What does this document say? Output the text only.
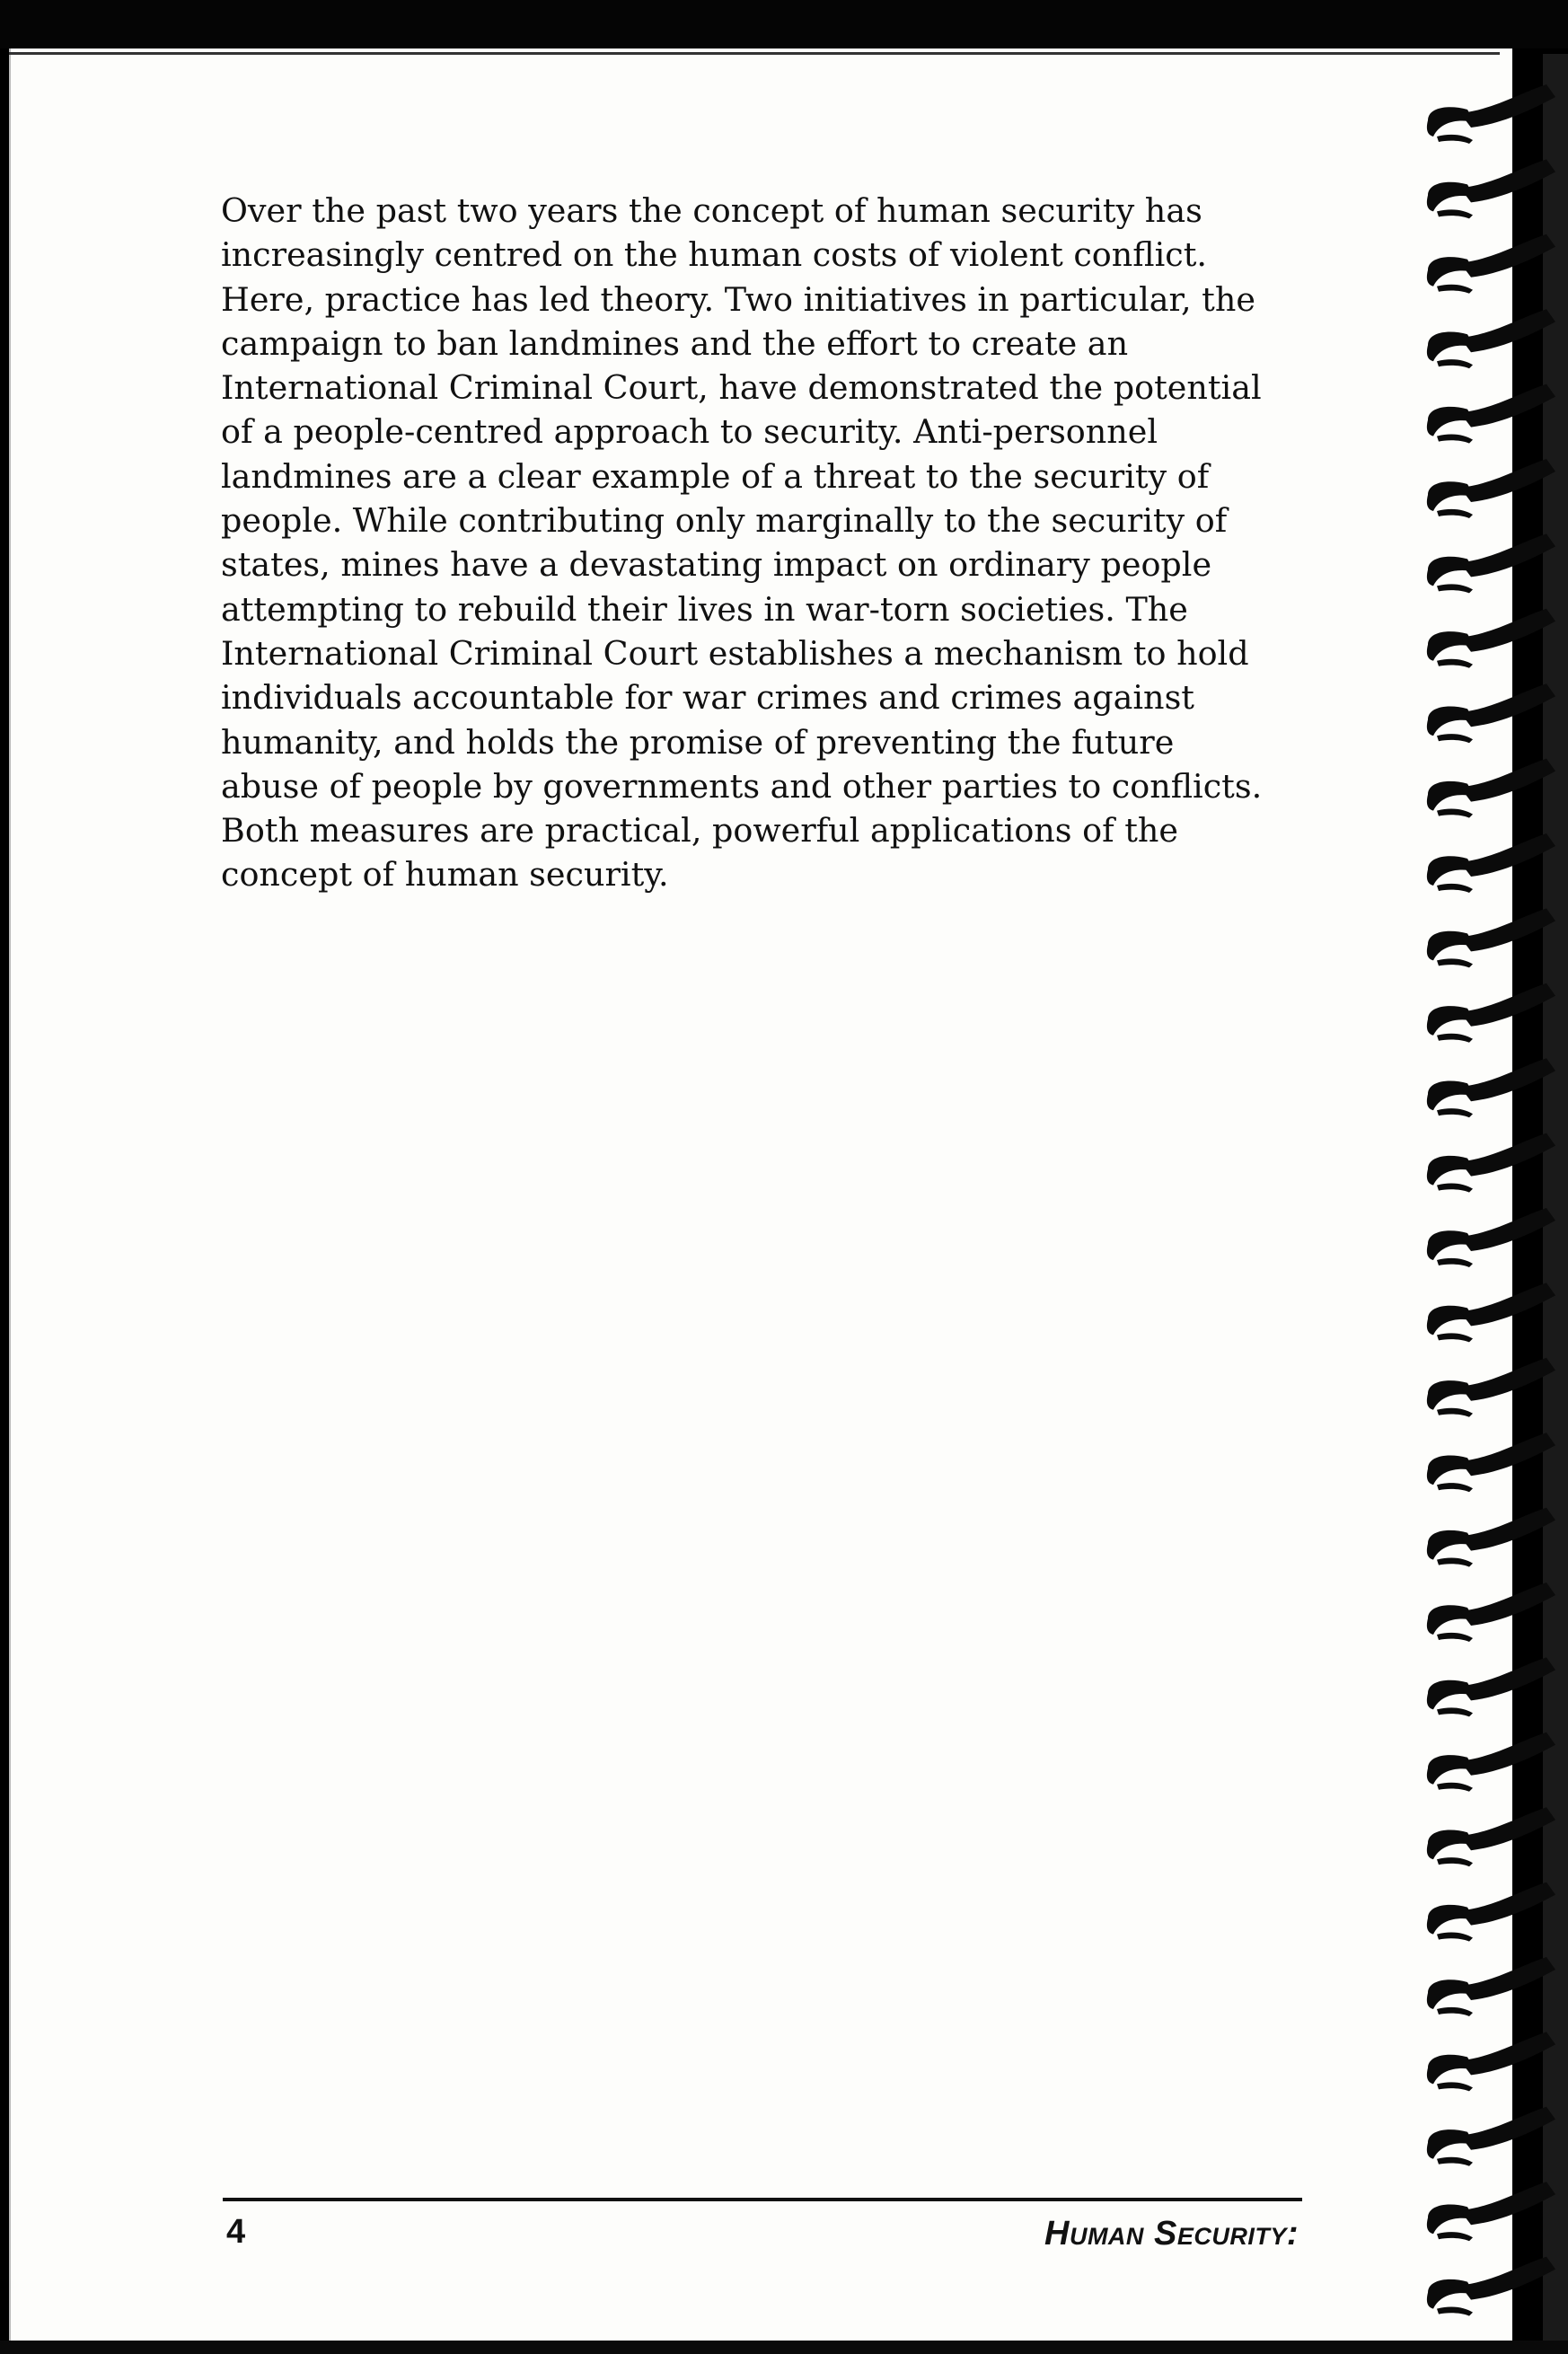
Over the past two years the concept of human security has increasingly centred on the human costs of violent conflict. Here, practice has led theory. Two initiatives in particular, the campaign to ban landmines and the effort to create an International Criminal Court, have demonstrated the potential of a people-centred approach to security. Anti-personnel landmines are a clear example of a threat to the security of people. While contributing only marginally to the security of states, mines have a devastating impact on ordinary people attempting to rebuild their lives in war-torn societies. The International Criminal Court establishes a mechanism to hold individuals accountable for war crimes and crimes against humanity, and holds the promise of preventing the future abuse of people by governments and other parties to conflicts. Both measures are practical, powerful applications of the concept of human security.

4	Human Security:
